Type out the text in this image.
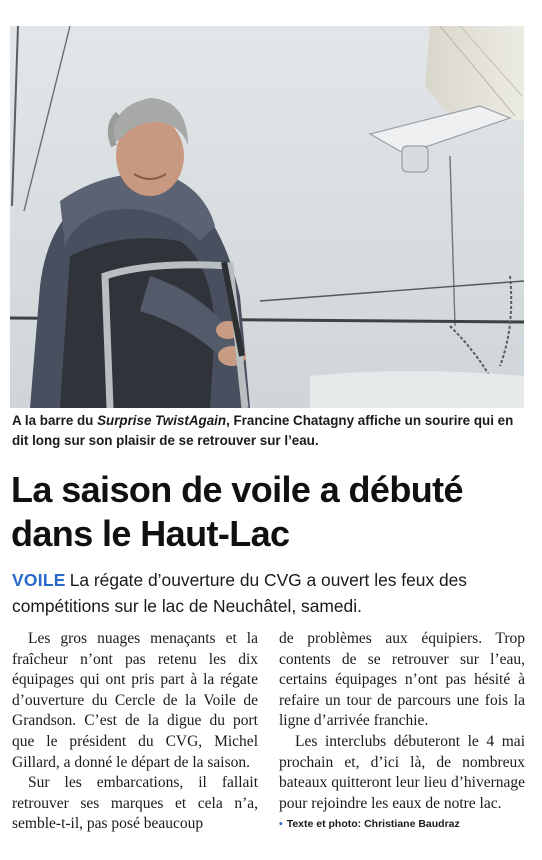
A la barre du Surprise TwistAgain, Francine Chatagny affiche un sourire qui en dit long sur son plaisir de se retrouver sur l’eau.
La saison de voile a débuté dans le Haut-Lac

VOILE La régate d’ouverture du CVG a ouvert les feux des compétitions sur le lac de Neuchâtel, samedi.

Les gros nuages menaçants et la fraîcheur n’ont pas retenu les dix équipages qui ont pris part à la régate d’ouverture du Cercle de la Voile de Grandson. C’est de la digue du port que le président du CVG, Michel Gillard, a donné le départ de la saison.

Sur les embarcations, il fallait retrouver ses marques et cela n’a, semble-t-il, pas posé beaucoup

de problèmes aux équipiers. Trop contents de se retrouver sur l’eau, certains équipages n’ont pas hésité à refaire un tour de parcours une fois la ligne d’arrivée franchie.

Les interclubs débuteront le 4 mai prochain et, d’ici là, de nombreux bateaux quitteront leur lieu d’hivernage pour rejoindre les eaux de notre lac.

• Texte et photo: Christiane Baudraz
